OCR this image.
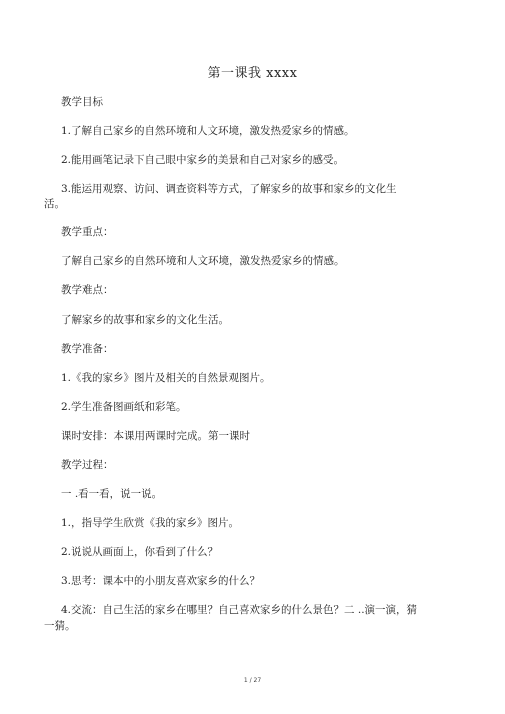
第一课我 xxxx
教学目标
1.了解自己家乡的自然环境和人文环境，激发热爱家乡的情感。
2.能用画笔记录下自己眼中家乡的美景和自己对家乡的感受。
3.能运用观察、访问、调查资料等方式，了解家乡的故事和家乡的文化生
活。
教学重点：
了解自己家乡的自然环境和人文环境，激发热爱家乡的情感。
教学难点：
了解家乡的故事和家乡的文化生活。
教学准备：
1.《我的家乡》图片及相关的自然景观图片。
2.学生准备图画纸和彩笔。
课时安排：本课用两课时完成。第一课时
教学过程：
一 .看一看，说一说。
1.，指导学生欣赏《我的家乡》图片。
2.说说从画面上，你看到了什么？
3.思考：课本中的小朋友喜欢家乡的什么？
4.交流：自己生活的家乡在哪里？自己喜欢家乡的什么景色？二 ..演一演，猜
一猜。
1 / 27
